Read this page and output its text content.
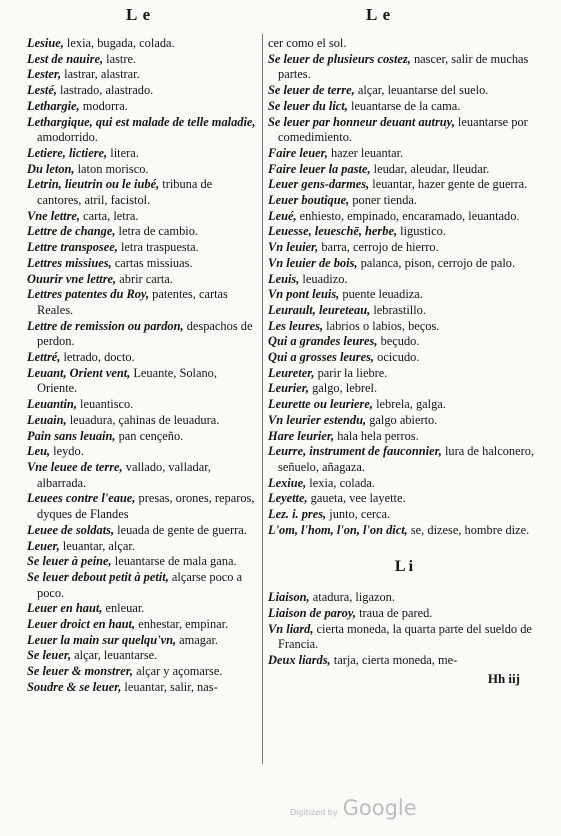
L e	L e

Lesiue, lexia, bugada, colada.

Lest de nauire, lastre.

Lester, lastrar, alastrar.

Lesté, lastrado, alastrado.

Lethargie, modorra.

Lethargique, qui est malade de telle maladie, amodorrido.

Letiere, lictiere, litera.

Du leton, laton morisco.

Letrin, lieutrin ou le iubé, tribuna de cantores, atril, facistol.

Vne lettre, carta, letra.

Lettre de change, letra de cambio.

Lettre transposee, letra traspuesta.

Lettres missiues, cartas missiuas.

Ouurir vne lettre, abrir carta.

Lettres patentes du Roy, patentes, cartas Reales.

Lettre de remission ou pardon, despachos de perdon.

Lettré, letrado, docto.

Leuant, Orient vent, Leuante, Solano, Oriente.

Leuantin, leuantisco.

Leuain, leuadura, çahinas de leuadura.

Pain sans leuain, pan cençeño.

Leu, leydo.

Vne leuee de terre, vallado, valladar, albarrada.

Leuees contre l'eaue, presas, orones, reparos, dyques de Flandes

Leuee de soldats, leuada de gente de guerra.

Leuer, leuantar, alçar.

Se leuer à peine, leuantarse de mala gana.

Se leuer debout petit à petit, alçarse poco a poco.

Leuer en haut, enleuar.

Leuer droict en haut, enhestar, empinar.

Leuer la main sur quelqu'vn, amagar.

Se leuer, alçar, leuantarse.

Se leuer & monstrer, alçar y açomarse.

Soudre & se leuer, leuantar, salir, nas-

cer como el sol.

Se leuer de plusieurs costez, nascer, salir de muchas partes.

Se leuer de terre, alçar, leuantarse del suelo.

Se leuer du lict, leuantarse de la cama.

Se leuer par honneur deuant autruy, leuantarse por comedimiento.

Faire leuer, hazer leuantar.

Faire leuer la paste, leudar, aleudar, lleudar.

Leuer gens-darmes, leuantar, hazer gente de guerra.

Leuer boutique, poner tienda.

Leué, enhiesto, empinado, encaramado, leuantado.

Leuesse, leueschē, herbe, ligustico.

Vn leuier, barra, cerrojo de hierro.

Vn leuier de bois, palanca, pison, cerrojo de palo.

Leuis, leuadizo.

Vn pont leuis, puente leuadiza.

Leurault, leureteau, lebrastillo.

Les leures, labrios o labios, beços.

Qui a grandes leures, beçudo.

Qui a grosses leures, ocicudo.

Leureter, parir la liebre.

Leurier, galgo, lebrel.

Leurette ou leuriere, lebrela, galga.

Vn leurier estendu, galgo abierto.

Hare leurier, hala hela perros.

Leurre, instrument de fauconnier, lura de halconero, señuelo, añagaza.

Lexiue, lexia, colada.

Leyette, gaueta, vee layette.

Lez. i. pres, junto, cerca.

L'om, l'hom, l'on, l'on dict, se, dizese, hombre dize.

L i

Liaison, atadura, ligazon.

Liaison de paroy, traua de pared.

Vn liard, cierta moneda, la quarta parte del sueldo de Francia.

Deux liards, tarja, cierta moneda, me-

Hh iij
Digitized by Google
